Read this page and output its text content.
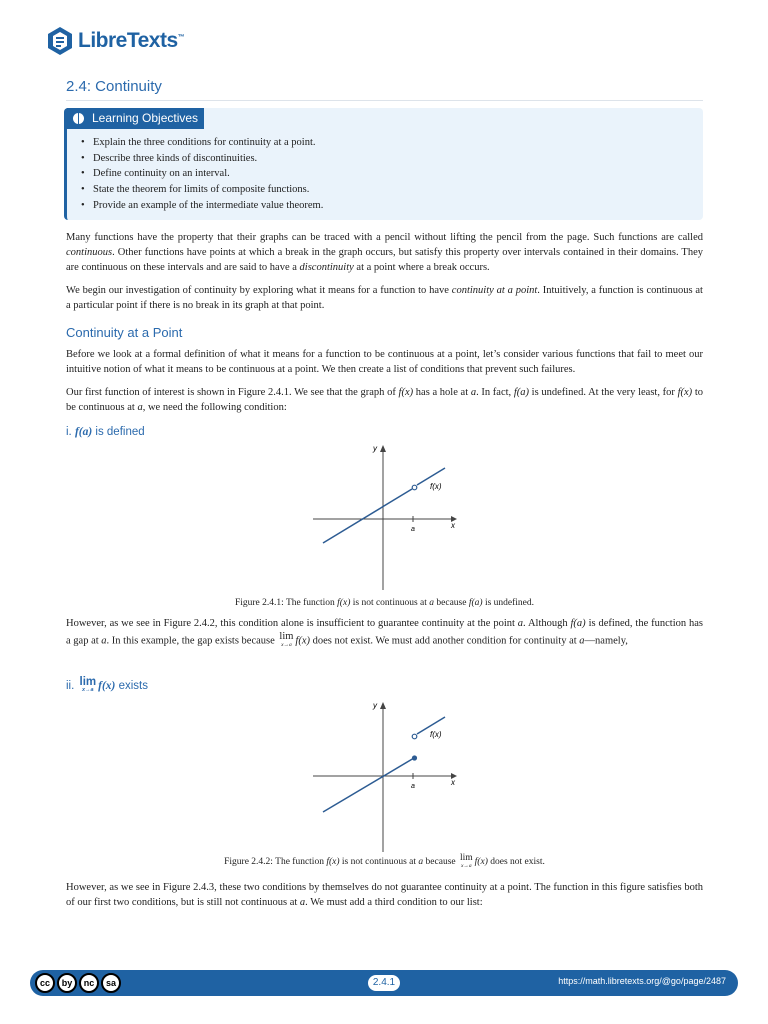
LibreTexts™
2.4: Continuity
Learning Objectives
• Explain the three conditions for continuity at a point.
• Describe three kinds of discontinuities.
• Define continuity on an interval.
• State the theorem for limits of composite functions.
• Provide an example of the intermediate value theorem.

Many functions have the property that their graphs can be traced with a pencil without lifting the pencil from the page. Such functions are called continuous. Other functions have points at which a break in the graph occurs, but satisfy this property over intervals contained in their domains. They are continuous on these intervals and are said to have a discontinuity at a point where a break occurs.

We begin our investigation of continuity by exploring what it means for a function to have continuity at a point. Intuitively, a function is continuous at a particular point if there is no break in its graph at that point.

Continuity at a Point

Before we look at a formal definition of what it means for a function to be continuous at a point, let’s consider various functions that fail to meet our intuitive notion of what it means to be continuous at a point. We then create a list of conditions that prevent such failures.

Our first function of interest is shown in Figure 2.4.1. We see that the graph of f(x) has a hole at a. In fact, f(a) is undefined. At the very least, for f(x) to be continuous at a, we need the following condition:

i. f(a) is defined
y
x
a
f(x)
Figure 2.4.1: The function f(x) is not continuous at a because f(a) is undefined.

However, as we see in Figure 2.4.2, this condition alone is insufficient to guarantee continuity at the point a. Although f(a) is defined, the function has a gap at a. In this example, the gap exists because lim
x→a f(x) does not exist. We must add another condition for continuity at a—namely,

ii. lim
x→a f(x) exists
y
x
a
f(x)
Figure 2.4.2: The function f(x) is not continuous at a because lim
x→a f(x) does not exist.

However, as we see in Figure 2.4.3, these two conditions by themselves do not guarantee continuity at a point. The function in this figure satisfies both of our first two conditions, but is still not continuous at a. We must add a third condition to our list:

cc	by	nc	sa	2.4.1	https://math.libretexts.org/@go/page/2487
